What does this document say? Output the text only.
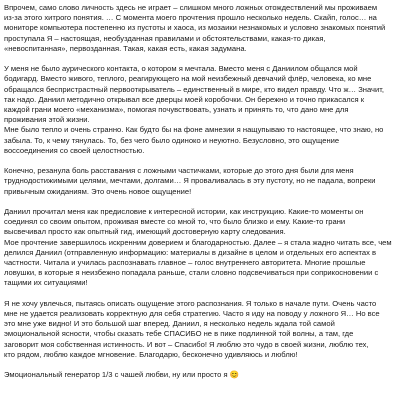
Впрочем, само слово личность здесь не играет – слишком много ложных отождествлений мы проживаем
из-за этого хитрого понятия. … С момента моего прочтения прошло несколько недель. Скайп, голос… на
мониторе компьютера постепенно из пустоты и хаоса, из мозаики незнакомых и условно знакомых понятий
проступала Я – настоящая, необузданная правилами и обстоятельствами, какая-то дикая,
«невоспитанная», первозданная. Такая, какая есть, какая задумана.

У меня не было аурического контакта, о котором я мечтала. Вместо меня с Даниилом общался мой
бодигард. Вместо живого, теплого, реагирующего на мой неизбежный девчачий флёр, человека, ко мне
обращался беспристрастный первооткрыватель – единственный в мире, кто видел правду. Что ж… Значит,
так надо. Даниил методично открывал все дверцы моей коробочки. Он бережно и точно прикасался к
каждой грани моего «механизма», помогая почувствовать, узнать и принять то, что дано мне для
проживания этой жизни.
Мне было тепло и очень странно. Как будто бы на фоне амнезии я нащупываю то настоящее, что знаю, но
забыла. То, к чему тянулась. То, без чего было одиноко и неуютно. Безусловно, это ощущение
воссоединения со своей целостностью.

Конечно, резанула боль расставания с ложными частичками, которые до этого дня были для меня
труднодостижимыми целями, мечтами, долгами… Я проваливалась в эту пустоту, но не падала, вопреки
привычным ожиданиям. Это очень новое ощущение!

Даниил прочитал меня как предисловие к интересной истории, как инструкцию. Какие-то моменты он
соединял со своим опытом, проживая вместе со мной то, что было близко и ему. Какие-то грани
высвечивал просто как опытный гид, имеющий достоверную карту следования.
Мое прочтение завершилось искренним доверием и благодарностью. Далее – я стала жадно читать все, чем
делился Даниил (отправленную информацию: материалы в дизайне в целом и отдельных его аспектах в
частности. Читала и училась распознавать главное – голос внутреннего авторитета. Многие прошлые
ловушки, в которые я неизбежно попадала раньше, стали словно подсвечиваться при соприкосновении с
тащими их ситуациями!

Я не хочу увлечься, пытаясь описать ощущение этого распознания. Я только в начале пути. Очень часто
мне не удается реализовать корректную для себя стратегию. Часто я иду на поводу у ложного Я… Но все
это мне уже видно! И это большой шаг вперед. Даниил, я несколько недель ждала той самой
эмоциональной ясности, чтобы сказать тебе СПАСИБО не в пике подлинной той волны, а там, где
заговорит моя собственная истинность. И вот – Спасибо! Я люблю это чудо в своей жизни, люблю тех,
кто рядом, люблю каждое мгновение. Благодарю, бесконечно удивляюсь и люблю!

Эмоциональный генератор 1/3 с чашей любви, ну или просто я 😊
